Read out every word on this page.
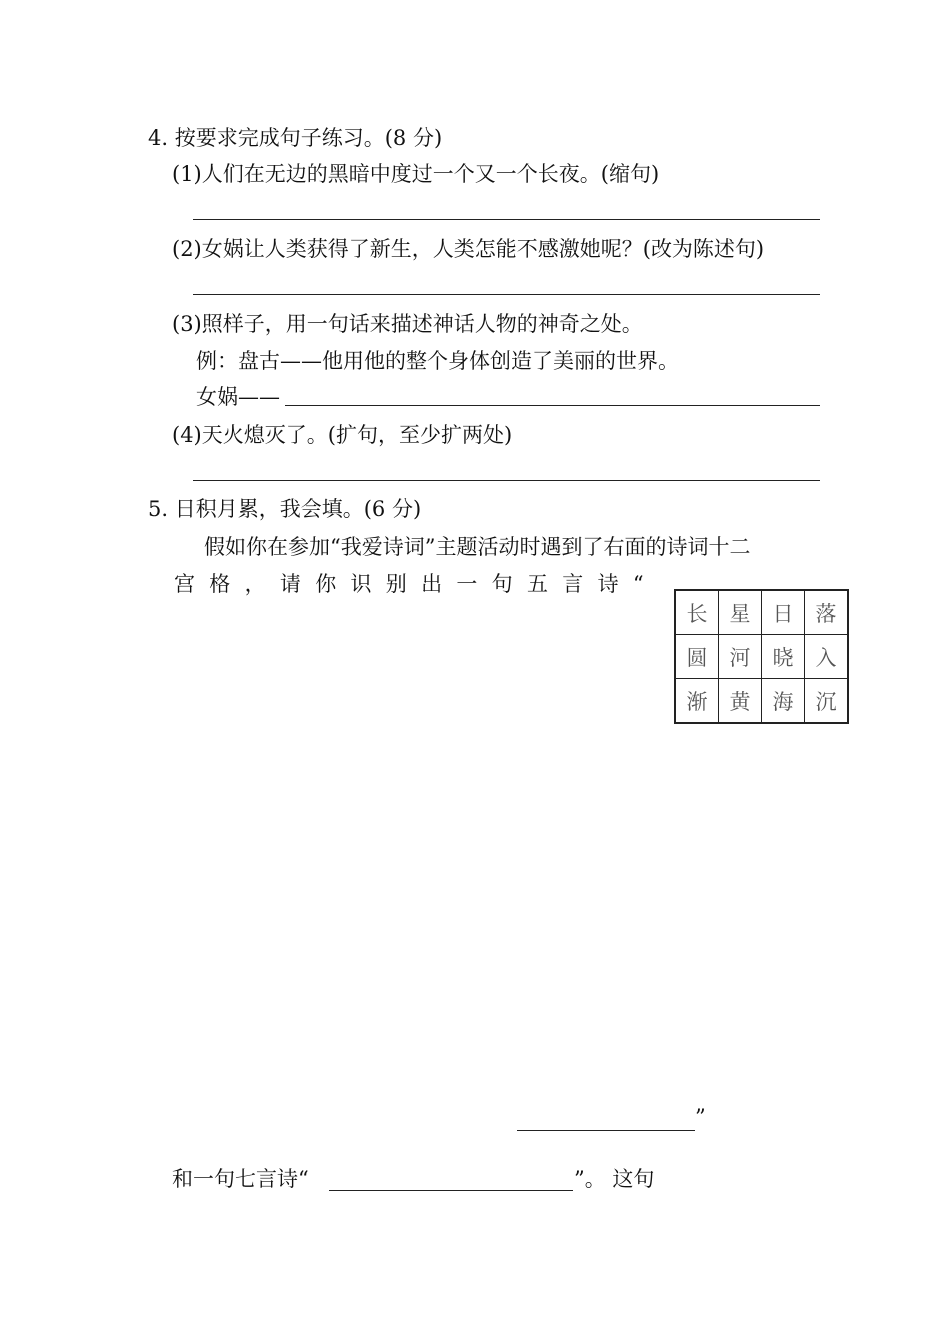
4. 按要求完成句子练习。(8 分)
(1)人们在无边的黑暗中度过一个又一个长夜。(缩句)
(2)女娲让人类获得了新生，人类怎能不感激她呢？(改为陈述句)
(3)照样子，用一句话来描述神话人物的神奇之处。
例：盘古——他用他的整个身体创造了美丽的世界。
女娲——
(4)天火熄灭了。(扩句，至少扩两处)
5. 日积月累，我会填。(6 分)
假如你在参加“我爱诗词”主题活动时遇到了右面的诗词十二
宫 格 ， 请 你 识 别 出 一 句 五 言 诗 “
长	星	日	落
圆	河	晓	入
渐	黄	海	沉
”
和一句七言诗“	”。 这句
